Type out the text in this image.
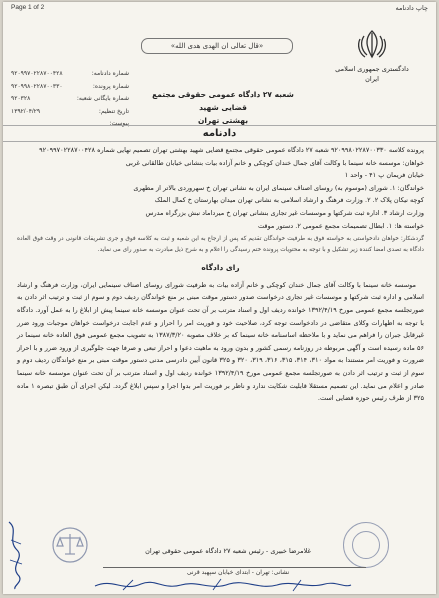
Page 1 of 2	چاپ دادنامه
دادگستری جمهوری اسلامی
ایران
«قال تعالی ان الهدی هدی الله»
شعبه ۲۷ دادگاه عمومی حقوقی مجتمع قضایی شهید
بهشتی تهران
شماره دادنامه:
۹۲۰۹۹۷۰۲۲۸۷۰۰۴۲۸
شماره پرونده:
۹۲۰۹۹۸۰۲۲۸۷۰۰۳۳۰
شماره بایگانی شعبه:
۹۲۰۳۲۸
تاریخ تنظیم:
۱۳۹۲/۰۴/۲۹
پیوست:
دادنامه

پرونده کلاسه ۹۲۰۹۹۸۰۲۲۸۷۰۰۳۳۰ شعبه ۲۷ دادگاه عمومی حقوقی مجتمع قضایی شهید بهشتی تهران تصمیم نهایی شماره ۹۲۰۹۹۷۰۲۲۸۷۰۰۴۲۸

خواهان: موسسه خانه سینما با وکالت آقای جمال خندان کوچکی و خانم آزاده بیات بنشانی خیابان طالقانی غربی

خیابان فریمان پ ۴۱ - واحد ۱

خواندگان: ۱. شورای (موسوم به) روسای اصناف سینمای ایران به نشانی تهران خ سهروردی بالاتر از مطهری

کوچه نیکان پلاک ۲. ۲. وزارت فرهنگ و ارشاد اسلامی به نشانی تهران میدان بهارستان خ کمال الملک

وزارت ارشاد ۳. اداره ثبت شرکتها و موسسات غیر تجاری بنشانی تهران خ میرداماد نبش بزرگراه مدرس

خواسته ها: ۱. ابطال تصمیمات مجمع عمومی ۲. دستور موقت

گردشکار: خواهان دادخواستی به خواسته فوق به طرفیت خواندگان تقدیم که پس از ارجاع به این شعبه و ثبت به کلاسه فوق و جری تشریفات قانونی در وقت فوق العاده دادگاه به تصدی امضا کننده زیر تشکیل و با توجه به محتویات پرونده ختم رسیدگی را اعلام و به شرح ذیل مبادرت به صدور رای می نماید.

رای دادگاه

موسسه خانه سینما با وکالت آقای جمال خندان کوچکی و خانم آزاده بیات به طرفیت شورای روسای اصناف سینمایی ایران، وزارت فرهنگ و ارشاد اسلامی و اداره ثبت شرکتها و موسسات غیر تجاری درخواست صدور دستور موقت مبنی بر منع خواندگان ردیف دوم و سوم از ثبت و ترتیب اثر دادن به صورتجلسه مجمع عمومی مورخ ۱۳۹۲/۴/۱۹ خوانده ردیف اول و اسناد مترتب بر آن تحت عنوان موسسه خانه سینما پیش از ابلاغ را به عمل آورد. دادگاه با توجه به اظهارات وکلای متقاضی در دادخواست توجه کرد، صلاحیت خود و فوریت امر را احراز و عدم اجابت درخواست خواهان موجبات ورود ضرر غیرقابل جبران را فراهم می نماید و با ملاحظه اساسنامه خانه سینما که بر خلاف مصوبه ۱۳۸۷/۳/۲۰ به تصویب مجمع عمومی فوق العاده خانه سینما در ۵۶ ماده رسیده است و آگهی مربوطه در روزنامه رسمی کشور و بدون ورود به ماهیت دعوا و احراز تبعی و صرفا جهت جلوگیری از ورود ضرر و با احراز ضرورت و فوریت امر مستندا به مواد ۳۱۰، ۳۱۴، ۳۱۵، ۳۱۶، ۳۱۹، ۳۲۰ و ۳۲۵ قانون آیین دادرسی مدنی دستور موقت مبنی بر منع خواندگان ردیف دوم و سوم از ثبت و ترتیب اثر دادن به صورتجلسه مجمع عمومی مورخ ۱۳۹۲/۴/۱۹ خوانده ردیف اول و اسناد مترتب بر آن تحت عنوان موسسه خانه سینما صادر و اعلام می نماید. این تصمیم مستقلا قابلیت شکایت ندارد و ناظر بر فوریت امر بدوا اجرا و سپس ابلاغ گردد. لیکن اجرای آن طبق تبصره ۱ ماده ۳۲۵ از طرف رئیس حوزه قضایی است.

غلامرضا خبیری - رئیس شعبه ۲۷ دادگاه عمومی حقوقی تهران
نشانی: تهران - ابتدای خیابان سپهبد قرنی
